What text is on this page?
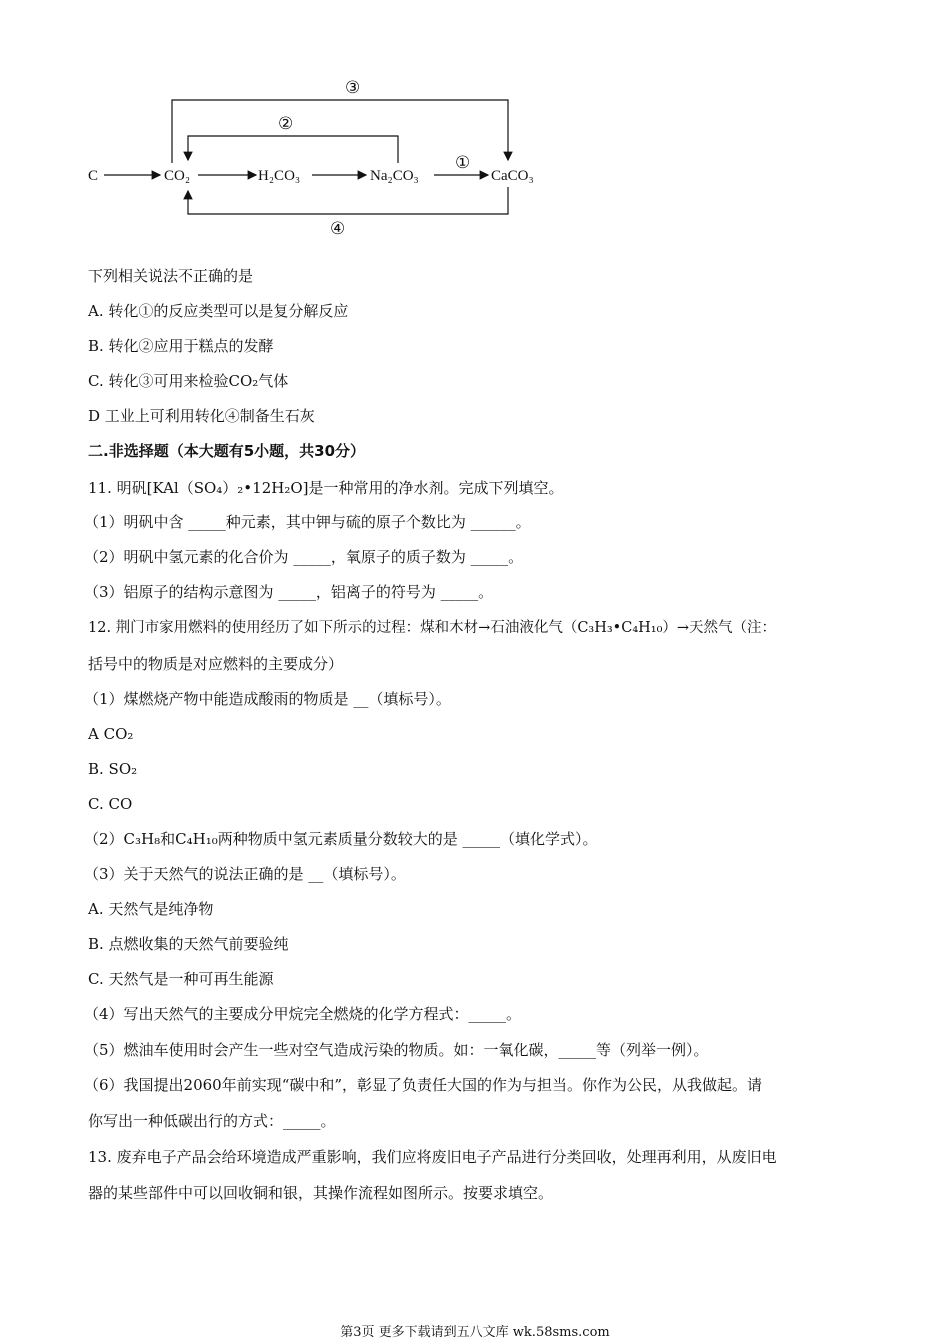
C	CO₂	H₂CO₃	Na₂CO₃	CaCO₃
①
②
③
④
下列相关说法不正确的是
A. 转化①的反应类型可以是复分解反应
B. 转化②应用于糕点的发酵
C. 转化③可用来检验CO₂气体
D 工业上可利用转化④制备生石灰
二.非选择题（本大题有5小题，共30分）
11. 明矾[KAl（SO₄）₂•12H₂O]是一种常用的净水剂。完成下列填空。
（1）明矾中含 _____种元素，其中钾与硫的原子个数比为 ______。
（2）明矾中氢元素的化合价为 _____，氧原子的质子数为 _____。
（3）铝原子的结构示意图为 _____，铝离子的符号为 _____。
12. 荆门市家用燃料的使用经历了如下所示的过程：煤和木材→石油液化气（C₃H₃•C₄H₁₀）→天然气（注：
括号中的物质是对应燃料的主要成分）
（1）煤燃烧产物中能造成酸雨的物质是 __（填标号）。
A CO₂
B. SO₂
C. CO
（2）C₃H₈和C₄H₁₀两种物质中氢元素质量分数较大的是 _____（填化学式）。
（3）关于天然气的说法正确的是 __（填标号）。
A. 天然气是纯净物
B. 点燃收集的天然气前要验纯
C. 天然气是一种可再生能源
（4）写出天然气的主要成分甲烷完全燃烧的化学方程式：_____。
（5）燃油车使用时会产生一些对空气造成污染的物质。如：一氧化碳，_____等（列举一例）。
（6）我国提出2060年前实现“碳中和”，彰显了负责任大国的作为与担当。你作为公民，从我做起。请
你写出一种低碳出行的方式：_____。
13. 废弃电子产品会给环境造成严重影响，我们应将废旧电子产品进行分类回收，处理再利用，从废旧电
器的某些部件中可以回收铜和银，其操作流程如图所示。按要求填空。
第3页 更多下载请到五八文库 wk.58sms.com
